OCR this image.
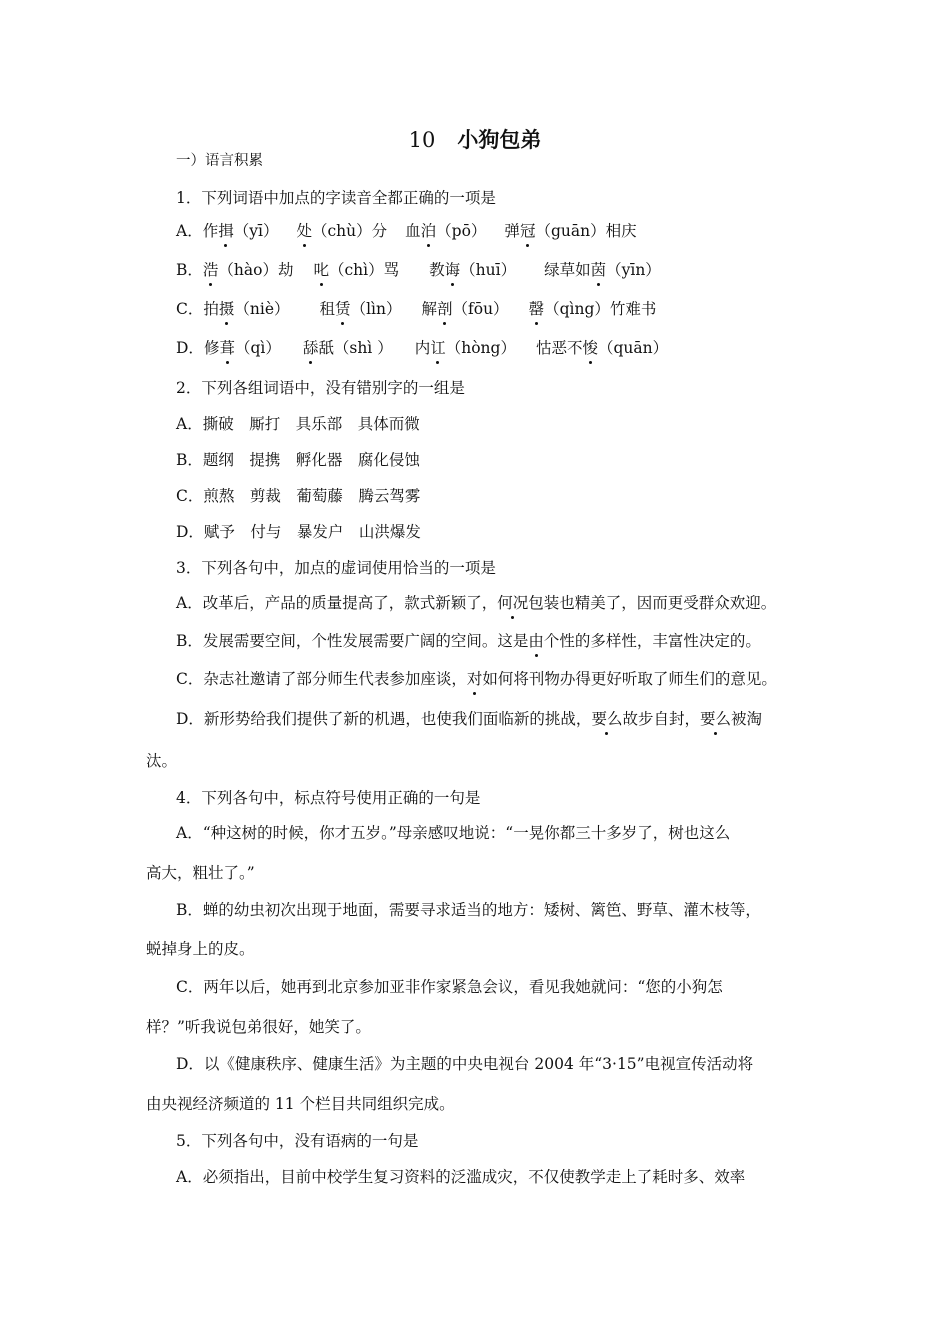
10 小狗包弟
一）语言积累
1．下列词语中加点的字读音全都正确的一项是
A．作揖（yī） 处（chù）分 血泊（pō） 弹冠（guān）相庆
B．浩（hào）劫 叱（chì）骂 教诲（huī） 绿草如茵（yīn）
C．拍摄（niè） 租赁（lìn） 解剖（fōu） 罄（qìng）竹难书
D．修葺（qì） 舔舐（shì ） 内讧（hòng） 怙恶不悛（quān）
2．下列各组词语中，没有错别字的一组是
A．撕破　厮打　具乐部　具体而微
B．题纲　提携　孵化器　腐化侵蚀
C．煎熬　剪裁　葡萄藤　腾云驾雾
D．赋予　付与　暴发户　山洪爆发
3．下列各句中，加点的虚词使用恰当的一项是
A．改革后，产品的质量提高了，款式新颖了，何况包装也精美了，因而更受群众欢迎。
B．发展需要空间，个性发展需要广阔的空间。这是由个性的多样性，丰富性决定的。
C．杂志社邀请了部分师生代表参加座谈，对如何将刊物办得更好听取了师生们的意见。
D．新形势给我们提供了新的机遇，也使我们面临新的挑战，要么故步自封，要么被淘
汰。
4．下列各句中，标点符号使用正确的一句是
A．“种这树的时候，你才五岁。”母亲感叹地说：“一晃你都三十多岁了，树也这么
高大，粗壮了。”
B．蝉的幼虫初次出现于地面，需要寻求适当的地方：矮树、篱笆、野草、灌木枝等，
蜕掉身上的皮。
C．两年以后，她再到北京参加亚非作家紧急会议，看见我她就问：“您的小狗怎
样？”听我说包弟很好，她笑了。
D．以《健康秩序、健康生活》为主题的中央电视台 2004 年“3·15”电视宣传活动将
由央视经济频道的 11 个栏目共同组织完成。
5．下列各句中，没有语病的一句是
A．必须指出，目前中校学生复习资料的泛滥成灾，不仅使教学走上了耗时多、效率
